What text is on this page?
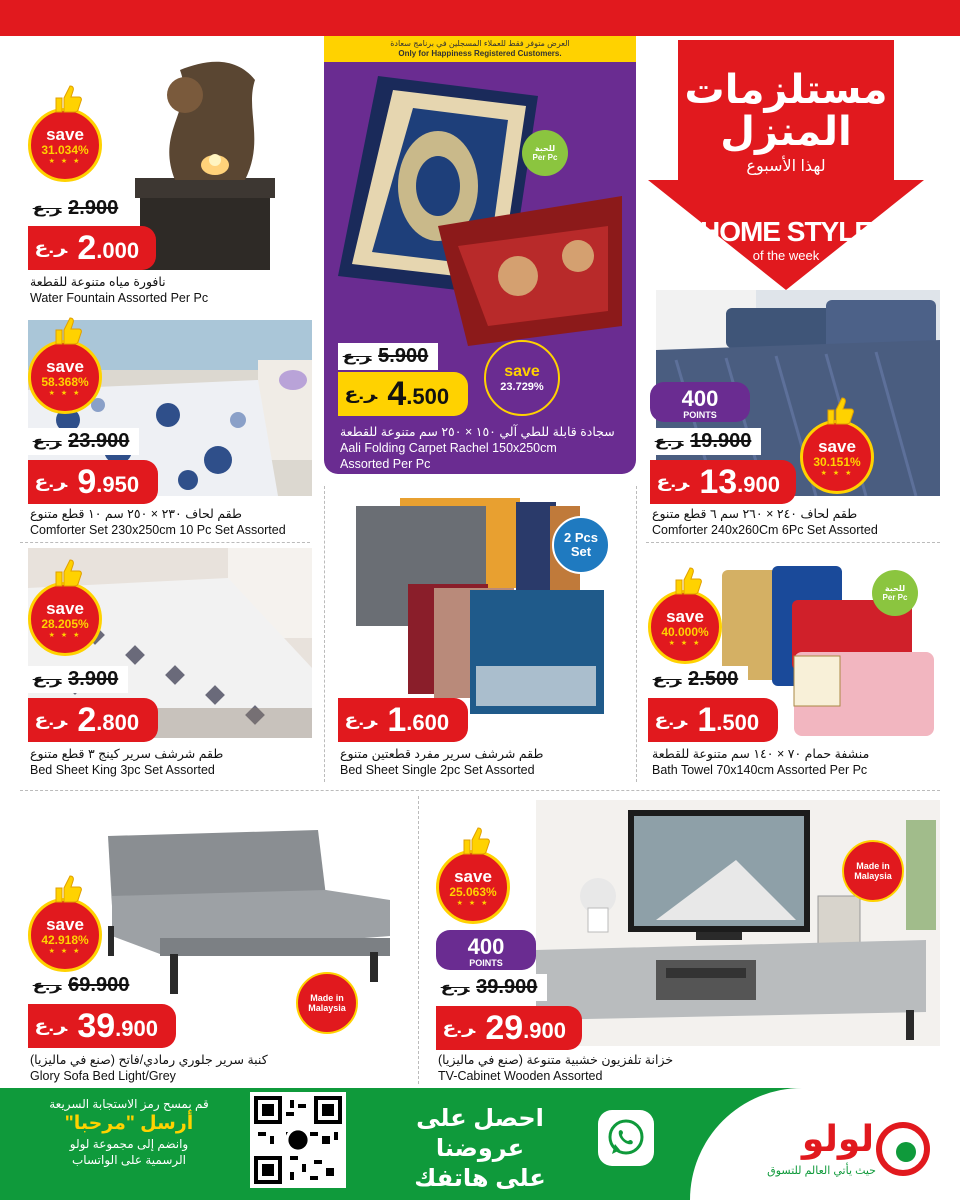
مستلزمات
المنزل
لهذا الأسبوع
HOME STYLE
of the week
save
31.034%
★ ★ ★
ﺮ.ع 2.900
ﺮ.ع 2 .000
نافورة مياه متنوعة للقطعة
Water Fountain Assorted Per Pc
العرض متوفر فقط للعملاء المسجلين في برنامج سعادة
Only for Happiness Registered Customers.
للحبة
Per Pc
ﺮ.ع 5.900
ﺮ.ع 4 .500
save
23.729%
سجادة قابلة للطي آلي ١٥٠ × ٢٥٠ سم متنوعة للقطعة
Aali Folding Carpet Rachel 150x250cm
Assorted Per Pc
400
POINTS
save
30.151%
★ ★ ★
ﺮ.ع 19.900
ﺮ.ع 13 .900
طقم لحاف ٢٤٠ × ٢٦٠ سم ٦ قطع متنوع
Comforter 240x260Cm 6Pc Set Assorted
save
58.368%
★ ★ ★
ﺮ.ع 23.900
ﺮ.ع 9 .950
طقم لحاف ٢٣٠ × ٢٥٠ سم ١٠ قطع متنوع
Comforter Set 230x250cm 10 Pc Set Assorted
save
28.205%
★ ★ ★
ﺮ.ع 3.900
ﺮ.ع 2 .800
طقم شرشف سرير كينج ٣ قطع متنوع
Bed Sheet King 3pc Set Assorted
2 Pcs
Set
ﺮ.ع 1 .600
طقم شرشف سرير مفرد قطعتين متنوع
Bed Sheet Single 2pc Set Assorted
للحبة
Per Pc
save
40.000%
★ ★ ★
ﺮ.ع 2.500
ﺮ.ع 1 .500
منشفة حمام ٧٠ × ١٤٠ سم متنوعة للقطعة
Bath Towel 70x140cm Assorted Per Pc
save
42.918%
★ ★ ★
Made in
Malaysia
ﺮ.ع 69.900
ﺮ.ع 39 .900
كنبة سرير جلوري رمادي/فاتح (صنع في ماليزيا)
Glory Sofa Bed Light/Grey
save
25.063%
★ ★ ★
400
POINTS
Made in
Malaysia
ﺮ.ع 39.900
ﺮ.ع 29 .900
خزانة تلفزيون خشبية متنوعة (صنع في ماليزيا)
TV-Cabinet Wooden Assorted
قم بمسح رمز الاستجابة السريعة
أرسل "مرحبا"
وانضم إلى مجموعة لولو
الرسمية على الواتساب
احصل على عروضنا
على هاتفك
لولو
حيث يأتي العالم للتسوق
